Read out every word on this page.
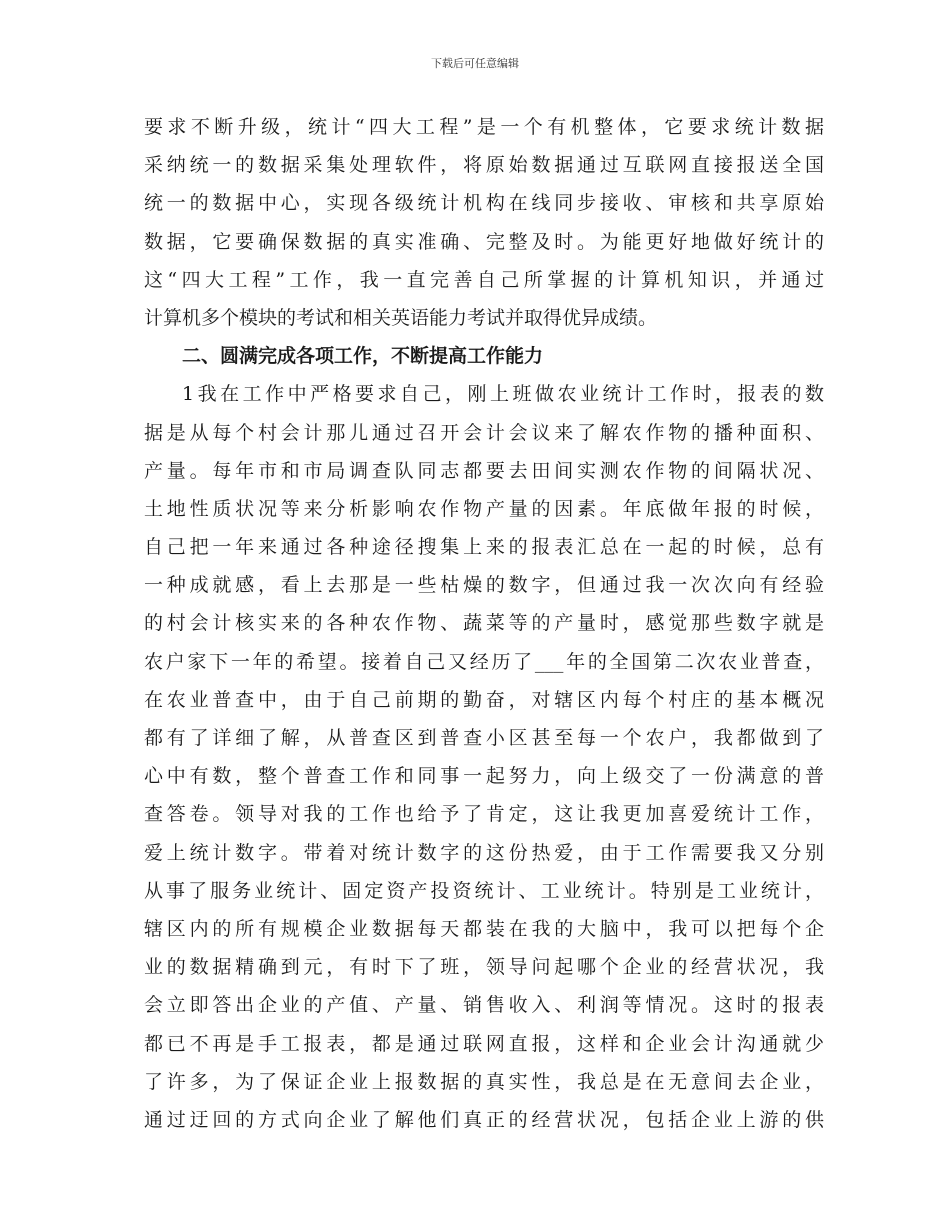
下载后可任意编辑
要求不断升级，统计“四大工程”是一个有机整体，它要求统计数据
采纳统一的数据采集处理软件，将原始数据通过互联网直接报送全国
统一的数据中心，实现各级统计机构在线同步接收、审核和共享原始
数据，它要确保数据的真实准确、完整及时。为能更好地做好统计的
这“四大工程”工作，我一直完善自己所掌握的计算机知识，并通过
计算机多个模块的考试和相关英语能力考试并取得优异成绩。
二、圆满完成各项工作，不断提高工作能力
1我在工作中严格要求自己，刚上班做农业统计工作时，报表的数
据是从每个村会计那儿通过召开会计会议来了解农作物的播种面积、
产量。每年市和市局调查队同志都要去田间实测农作物的间隔状况、
土地性质状况等来分析影响农作物产量的因素。年底做年报的时候，
自己把一年来通过各种途径搜集上来的报表汇总在一起的时候，总有
一种成就感，看上去那是一些枯燥的数字，但通过我一次次向有经验
的村会计核实来的各种农作物、蔬菜等的产量时，感觉那些数字就是
农户家下一年的希望。接着自己又经历了___年的全国第二次农业普查，
在农业普查中，由于自己前期的勤奋，对辖区内每个村庄的基本概况
都有了详细了解，从普查区到普查小区甚至每一个农户，我都做到了
心中有数，整个普查工作和同事一起努力，向上级交了一份满意的普
查答卷。领导对我的工作也给予了肯定，这让我更加喜爱统计工作，
爱上统计数字。带着对统计数字的这份热爱，由于工作需要我又分别
从事了服务业统计、固定资产投资统计、工业统计。特别是工业统计，
辖区内的所有规模企业数据每天都装在我的大脑中，我可以把每个企
业的数据精确到元，有时下了班，领导问起哪个企业的经营状况，我
会立即答出企业的产值、产量、销售收入、利润等情况。这时的报表
都已不再是手工报表，都是通过联网直报，这样和企业会计沟通就少
了许多，为了保证企业上报数据的真实性，我总是在无意间去企业，
通过迂回的方式向企业了解他们真正的经营状况，包括企业上游的供
